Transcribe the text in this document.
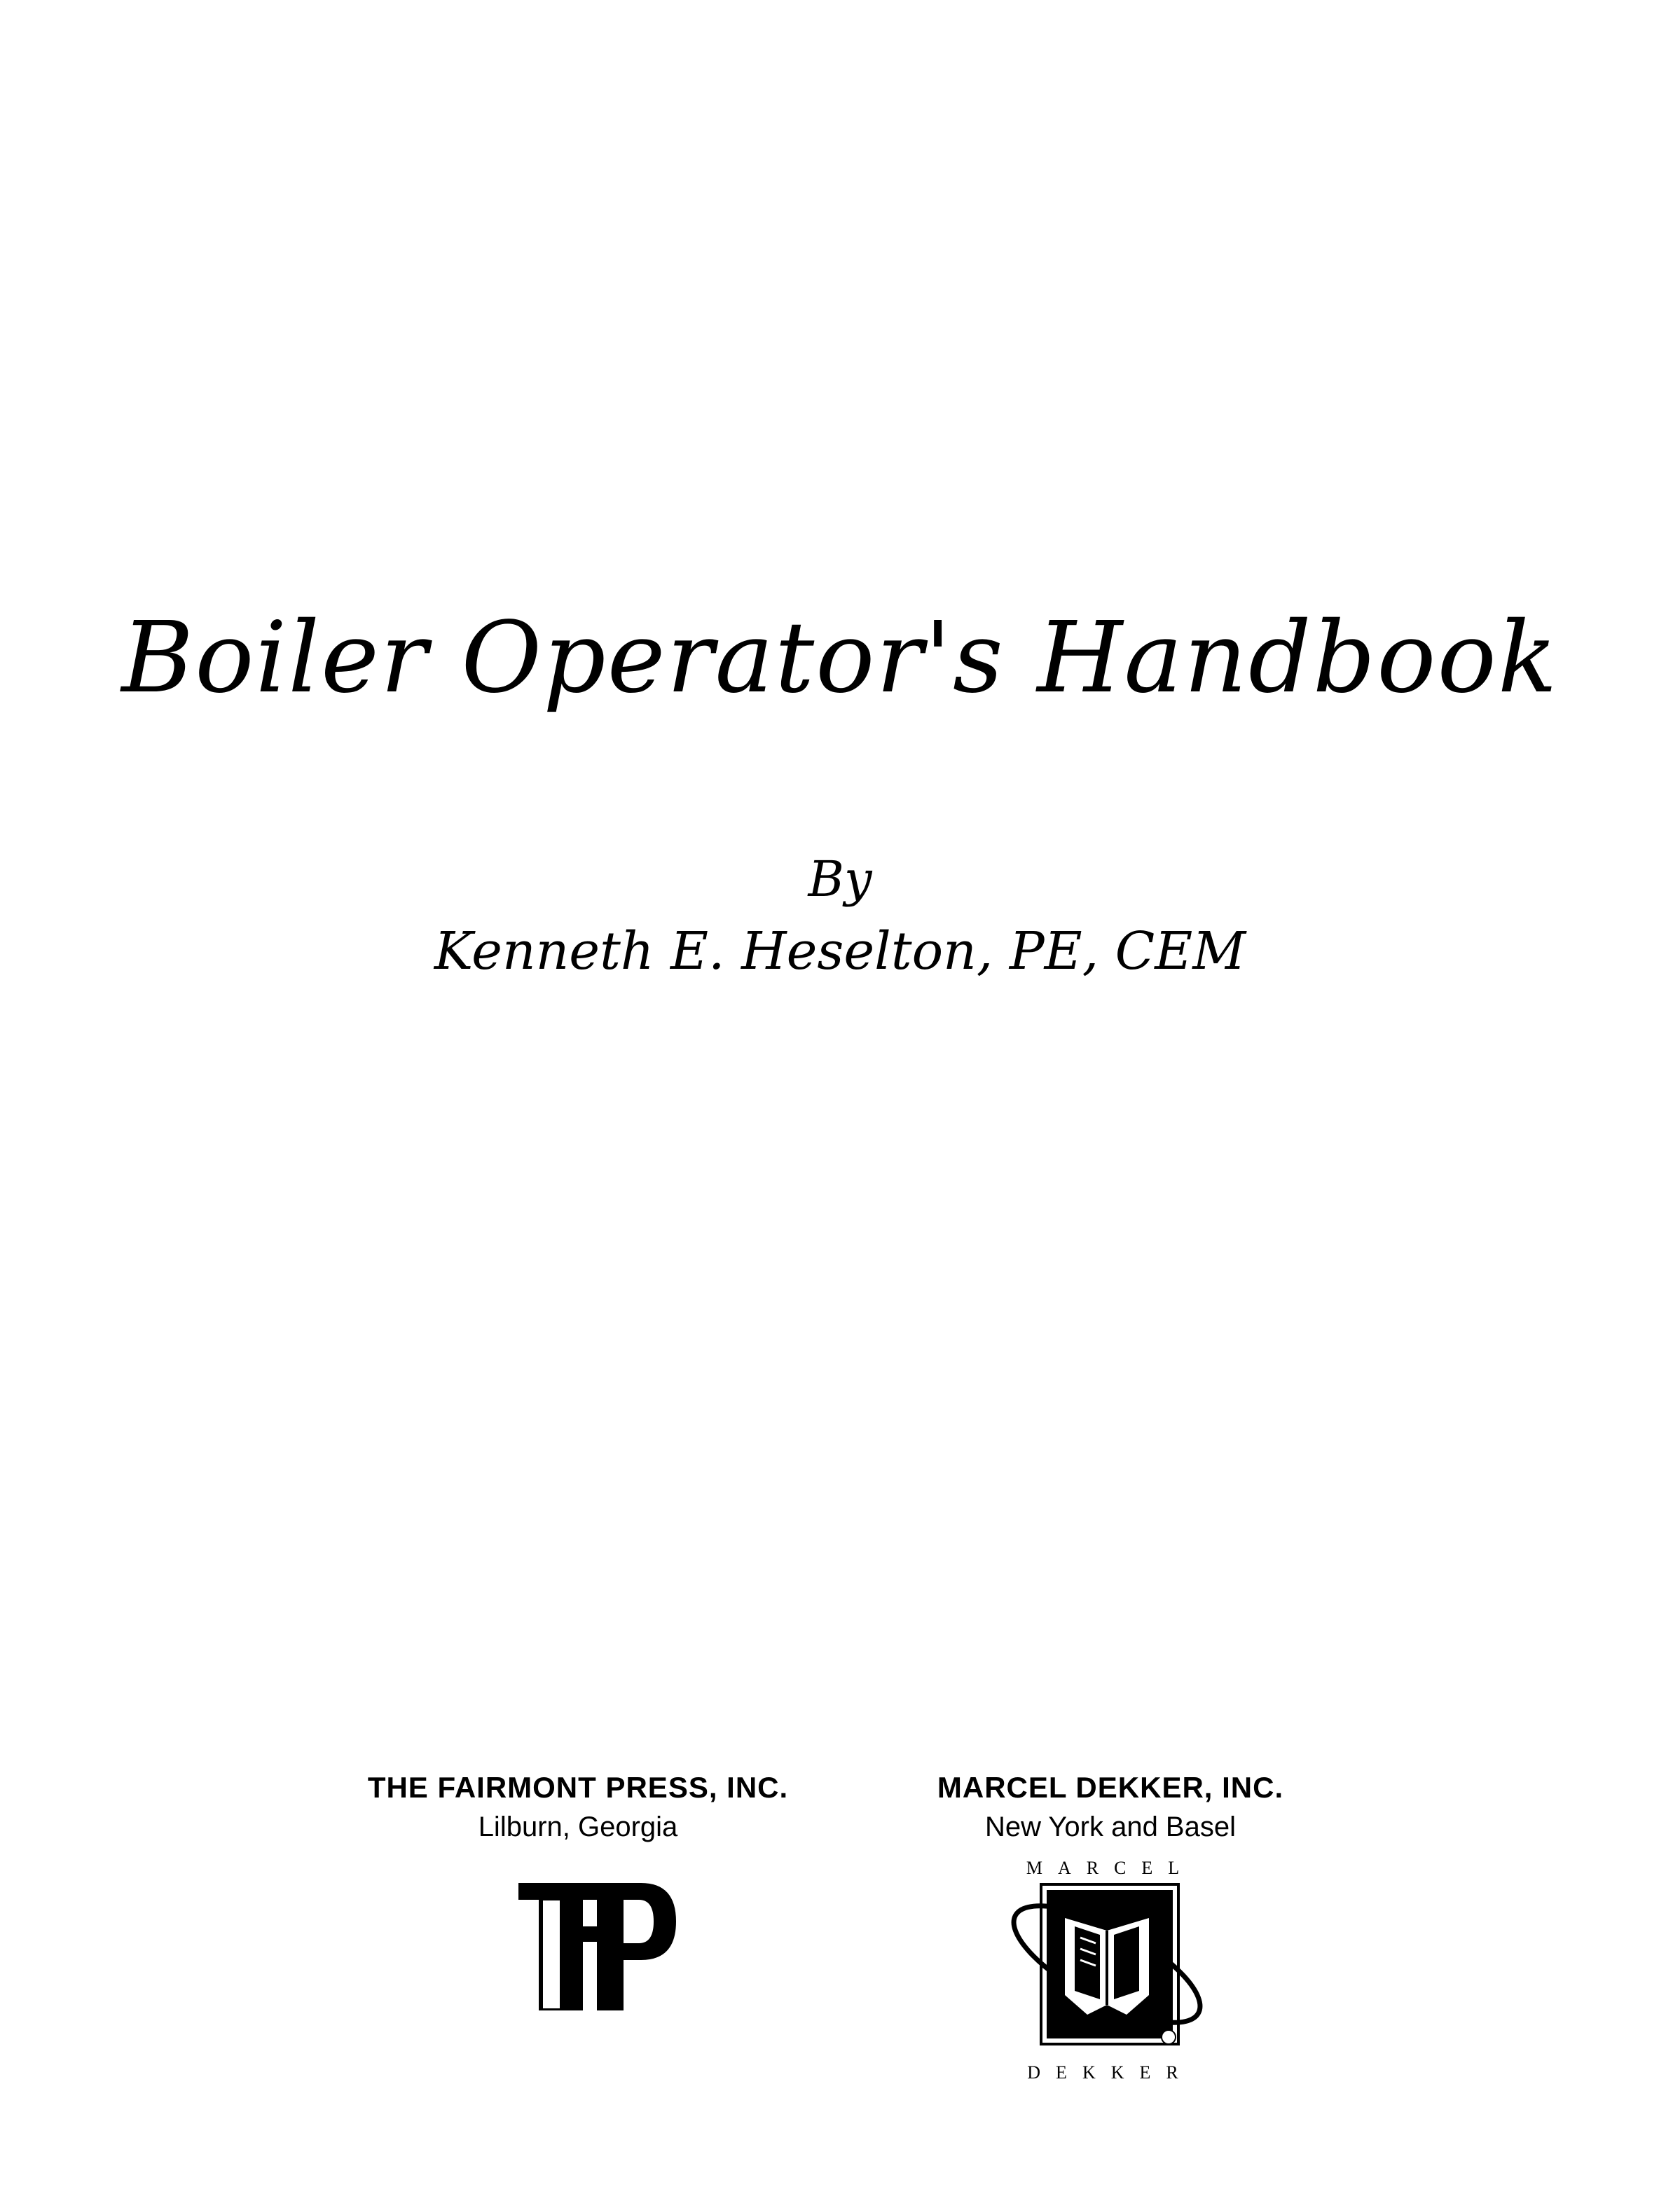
Boiler Operator's Handbook
By
Kenneth E. Heselton, PE, CEM
THE FAIRMONT PRESS, INC.
Lilburn, Georgia
MARCEL DEKKER, INC.
New York and Basel
MARCEL
DEKKER
